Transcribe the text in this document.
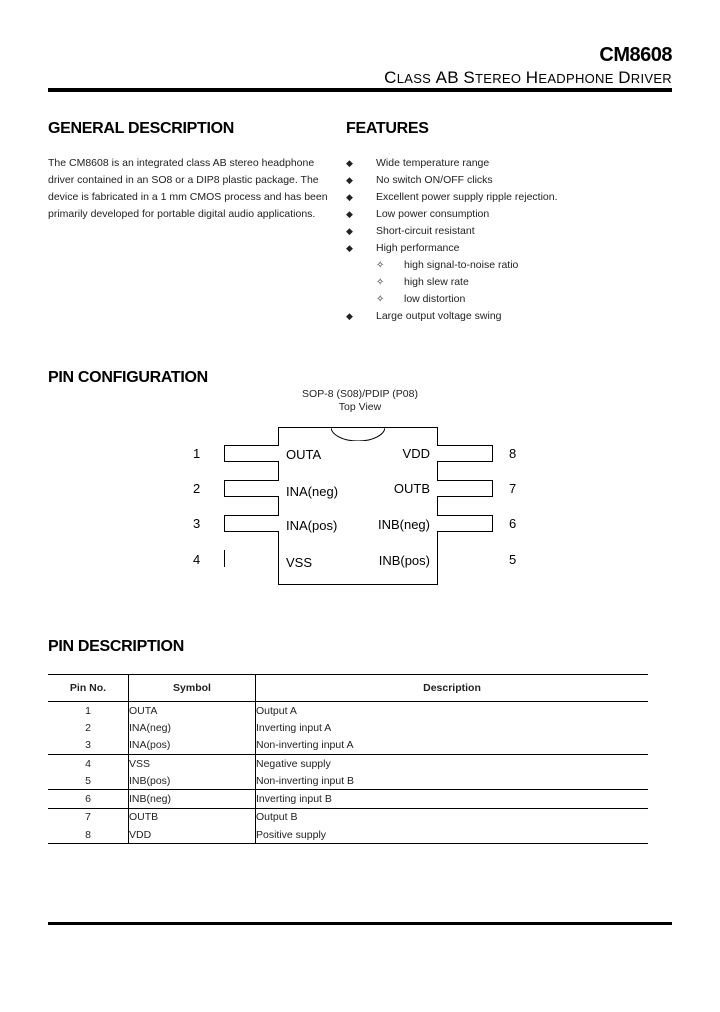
CM8608
CLASS AB STEREO HEADPHONE DRIVER
GENERAL DESCRIPTION
The CM8608 is an integrated class AB stereo headphone driver contained in an SO8 or a DIP8 plastic package. The device is fabricated in a 1 mm CMOS process and has been primarily developed for portable digital audio applications.
FEATURES
◆ Wide temperature range
◆ No switch ON/OFF clicks
◆ Excellent power supply ripple rejection.
◆ Low power consumption
◆ Short-circuit resistant
◆ High performance
✧ high signal-to-noise ratio
✧ high slew rate
✧ low distortion
◆ Large output voltage swing
PIN CONFIGURATION
SOP-8 (S08)/PDIP (P08)
Top View
1
2
3
4
OUTA
INA(neg)
INA(pos)
VSS
8
7
6
5
VDD
OUTB
INB(neg)
INB(pos)
PIN DESCRIPTION
Pin No.	Symbol	Description
1	OUTA	Output A
2	INA(neg)	Inverting input A
3	INA(pos)	Non-inverting input A
4	VSS	Negative supply
5	INB(pos)	Non-inverting input B
6	INB(neg)	Inverting input B
7	OUTB	Output B
8	VDD	Positive supply
